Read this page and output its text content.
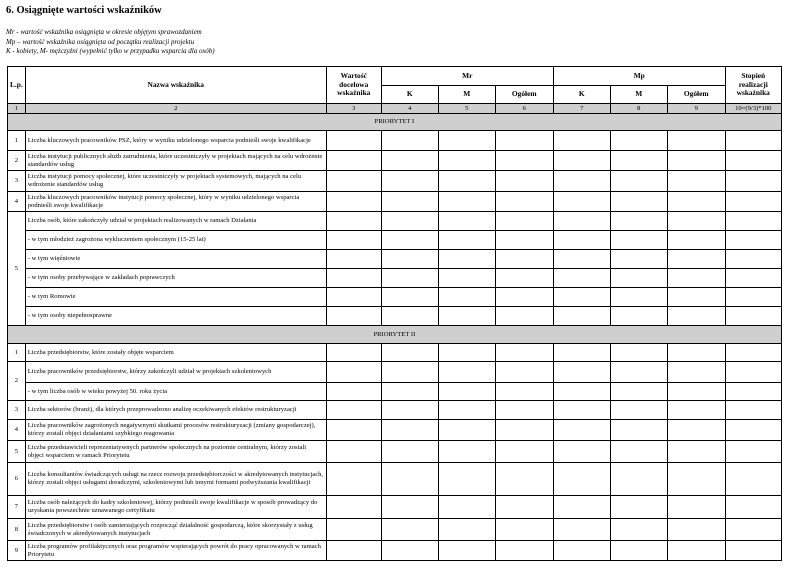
6. Osiągnięte wartości wskaźników
Mr - wartość wskaźnika osiągnięta w okresie objętym sprawozdaniem
Mp – wartość wskaźnika osiągnięta od początku realizacji projektu
K - kobiety, M- mężczyźni (wypełnić tylko w przypadku wsparcia dla osób)
L.p.	Nazwa wskaźnika	Wartość docelowa wskaźnika	Mr			Mp			Stopień realizacji wskaźnika
			K	M	Ogółem	K	M	Ogółem	
1	2	3	4	5	6	7	8	9	10=(9/3)*100
PRIORYTET I									
1	Liczba kluczowych pracowników PSZ, który w wyniku udzielonego wsparcia podnieśli swoje kwalifikacje								
2	Liczba instytucji publicznych służb zatrudnienia, które uczestniczyły w projektach mających na celu wdrożenie standardów usług								
3	Liczba instytucji pomocy społecznej, które uczestniczyły w projektach systemowych, mających na celu wdrożenie standardów usług								
4	Liczba kluczowych pracowników instytucji pomocy społecznej, który w wyniku udzielonego wsparcia podnieśli swoje kwalifikacje								
5	Liczba osób, które zakończyły udział w projektach realizowanych w ramach Działania								
	- w tym młodzież zagrożona wykluczeniem społecznym (15-25 lat)								
	- w tym więźniowie								
	- w tym osoby przebywające w zakładach poprawczych								
	- w tym Romowie								
	- w tym osoby niepełnosprawne								
PRIORYTET II									
1	Liczba przedsiębiorstw, które zostały objęte wsparciem								
2	Liczba pracowników przedsiębiorstw, którzy zakończyli udział w projektach szkoleniowych								
	- w tym liczba osób w wieku powyżej 50. roku życia								
3	Liczba sektorów (branż), dla których przeprowadzono analizę oczekiwanych efektów restrukturyzacji								
4	Liczba pracowników zagrożonych negatywnymi skutkami procesów restrukturyzacji (zmiany gospodarczej), którzy zostali objęci działaniami szybkiego reagowania								
5	Liczba przedstawicieli reprezentatywnych partnerów społecznych na poziomie centralnym, którzy zostali objęci wsparciem w ramach Priorytetu								
6	Liczba konsultantów świadczących usługi na rzecz rozwoju przedsiębiorczości w akredytowanych instytucjach, którzy zostali objęci usługami doradczymi, szkoleniowymi lub innymi formami podwyższania kwalifikacji								
7	Liczba osób należących do kadry szkoleniowej, którzy podnieśli swoje kwalifikacje w sposób prowadzący do uzyskania powszechnie uznawanego certyfikatu								
8	Liczba przedsiębiorstw i osób zamierzających rozpocząć działalność gospodarczą, które skorzystały z usług świadczonych w akredytowanych instytucjach								
9	Liczba programów profilaktycznych oraz programów wspierających powrót do pracy opracowanych w ramach Priorytetu								
